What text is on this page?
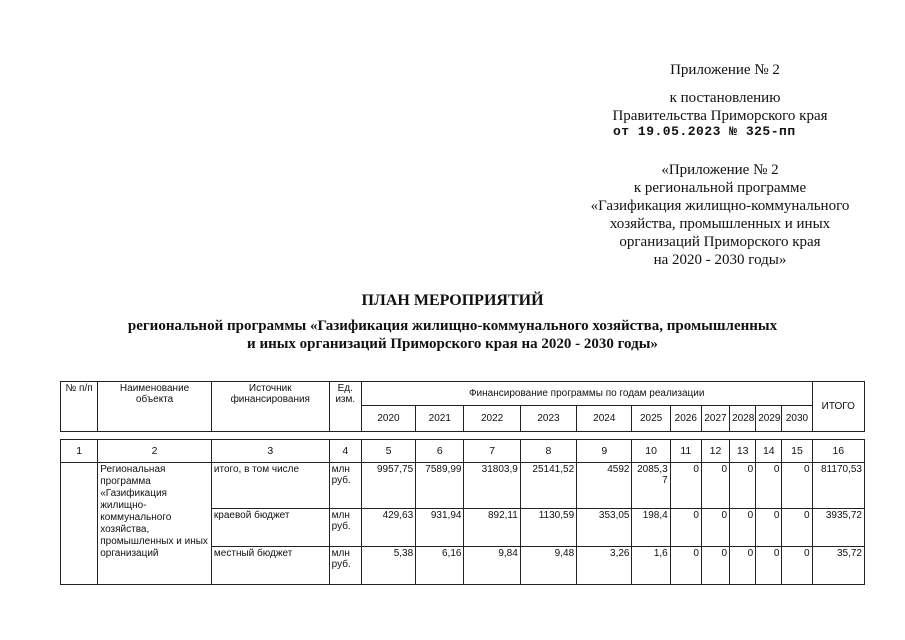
Приложение № 2
к постановлению
Правительства Приморского края
от 19.05.2023 № 325-пп
«Приложение № 2
к региональной программе
«Газификация жилищно-коммунального
хозяйства, промышленных и иных
организаций Приморского края
на 2020 - 2030 годы»
ПЛАН МЕРОПРИЯТИЙ
региональной программы «Газификация жилищно-коммунального хозяйства, промышленных
и иных организаций Приморского края на 2020 - 2030 годы»
№ п/п	Наименование объекта	Источник финансирования	Ед. изм.	Финансирование программы по годам реализации											ИТОГО
				2020	2021	2022	2023	2024	2025	2026	2027	2028	2029	2030	
1	2	3	4	5	6	7	8	9	10	11	12	13	14	15	16
	Региональная программа «Газификация жилищно-коммунального хозяйства, промышленных и иных организаций	итого, в том числе	млн руб.	9957,75	7589,99	31803,9	25141,52	4592	2085,37	0	0	0	0	0	81170,53
		краевой бюджет	млн руб.	429,63	931,94	892,11	1130,59	353,05	198,4	0	0	0	0	0	3935,72
		местный бюджет	млн руб.	5,38	6,16	9,84	9,48	3,26	1,6	0	0	0	0	0	35,72
